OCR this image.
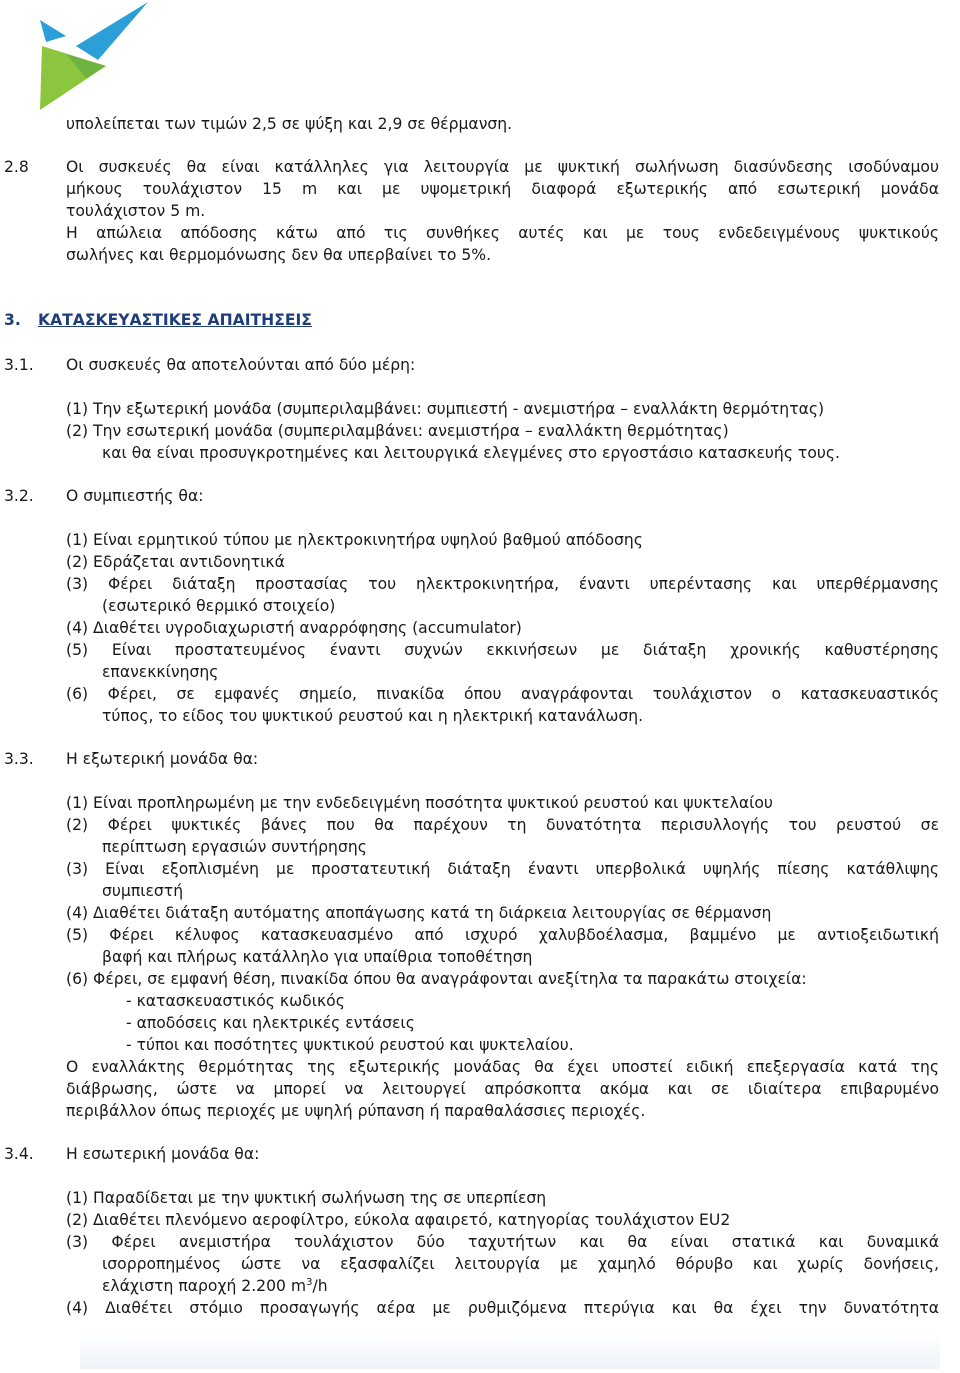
υπολείπεται των τιμών 2,5 σε ψύξη και 2,9 σε θέρμανση.
2.8 Οι συσκευές θα είναι κατάλληλες για λειτουργία με ψυκτική σωλήνωση διασύνδεσης ισοδύναμου
μήκους τουλάχιστον 15 m και με υψομετρική διαφορά εξωτερικής από εσωτερική μονάδα
τουλάχιστον 5 m.
Η απώλεια απόδοσης κάτω από τις συνθήκες αυτές και με τους ενδεδειγμένους ψυκτικούς
σωλήνες και θερμομόνωσης δεν θα υπερβαίνει το 5%.
3. ΚΑΤΑΣΚΕΥΑΣΤΙΚΕΣ ΑΠΑΙΤΗΣΕΙΣ
3.1. Οι συσκευές θα αποτελούνται από δύο μέρη:
(1) Την εξωτερική μονάδα (συμπεριλαμβάνει: συμπιεστή - ανεμιστήρα – εναλλάκτη θερμότητας)
(2) Την εσωτερική μονάδα (συμπεριλαμβάνει: ανεμιστήρα – εναλλάκτη θερμότητας)
και θα είναι προσυγκροτημένες και λειτουργικά ελεγμένες στο εργοστάσιο κατασκευής τους.
3.2. Ο συμπιεστής θα:
(1) Είναι ερμητικού τύπου με ηλεκτροκινητήρα υψηλού βαθμού απόδοσης
(2) Εδράζεται αντιδονητικά
(3) Φέρει διάταξη προστασίας του ηλεκτροκινητήρα, έναντι υπερέντασης και υπερθέρμανσης
(εσωτερικό θερμικό στοιχείο)
(4) Διαθέτει υγροδιαχωριστή αναρρόφησης (accumulator)
(5) Είναι προστατευμένος έναντι συχνών εκκινήσεων με διάταξη χρονικής καθυστέρησης
επανεκκίνησης
(6) Φέρει, σε εμφανές σημείο, πινακίδα όπου αναγράφονται τουλάχιστον ο κατασκευαστικός
τύπος, το είδος του ψυκτικού ρευστού και η ηλεκτρική κατανάλωση.
3.3. Η εξωτερική μονάδα θα:
(1) Είναι προπληρωμένη με την ενδεδειγμένη ποσότητα ψυκτικού ρευστού και ψυκτελαίου
(2) Φέρει ψυκτικές βάνες που θα παρέχουν τη δυνατότητα περισυλλογής του ρευστού σε
περίπτωση εργασιών συντήρησης
(3) Είναι εξοπλισμένη με προστατευτική διάταξη έναντι υπερβολικά υψηλής πίεσης κατάθλιψης
συμπιεστή
(4) Διαθέτει διάταξη αυτόματης αποπάγωσης κατά τη διάρκεια λειτουργίας σε θέρμανση
(5) Φέρει κέλυφος κατασκευασμένο από ισχυρό χαλυβδοέλασμα, βαμμένο με αντιοξειδωτική
βαφή και πλήρως κατάλληλο για υπαίθρια τοποθέτηση
(6) Φέρει, σε εμφανή θέση, πινακίδα όπου θα αναγράφονται ανεξίτηλα τα παρακάτω στοιχεία:
- κατασκευαστικός κωδικός
- αποδόσεις και ηλεκτρικές εντάσεις
- τύποι και ποσότητες ψυκτικού ρευστού και ψυκτελαίου.
Ο εναλλάκτης θερμότητας της εξωτερικής μονάδας θα έχει υποστεί ειδική επεξεργασία κατά της
διάβρωσης, ώστε να μπορεί να λειτουργεί απρόσκοπτα ακόμα και σε ιδιαίτερα επιβαρυμένο
περιβάλλον όπως περιοχές με υψηλή ρύπανση ή παραθαλάσσιες περιοχές.
3.4. Η εσωτερική μονάδα θα:
(1) Παραδίδεται με την ψυκτική σωλήνωση της σε υπερπίεση
(2) Διαθέτει πλενόμενο αεροφίλτρο, εύκολα αφαιρετό, κατηγορίας τουλάχιστον EU2
(3) Φέρει ανεμιστήρα τουλάχιστον δύο ταχυτήτων και θα είναι στατικά και δυναμικά
ισορροπημένος ώστε να εξασφαλίζει λειτουργία με χαμηλό θόρυβο και χωρίς δονήσεις,
ελάχιστη παροχή 2.200 $m^3/h$
(4) Διαθέτει στόμιο προσαγωγής αέρα με ρυθμιζόμενα πτερύγια και θα έχει την δυνατότητα
